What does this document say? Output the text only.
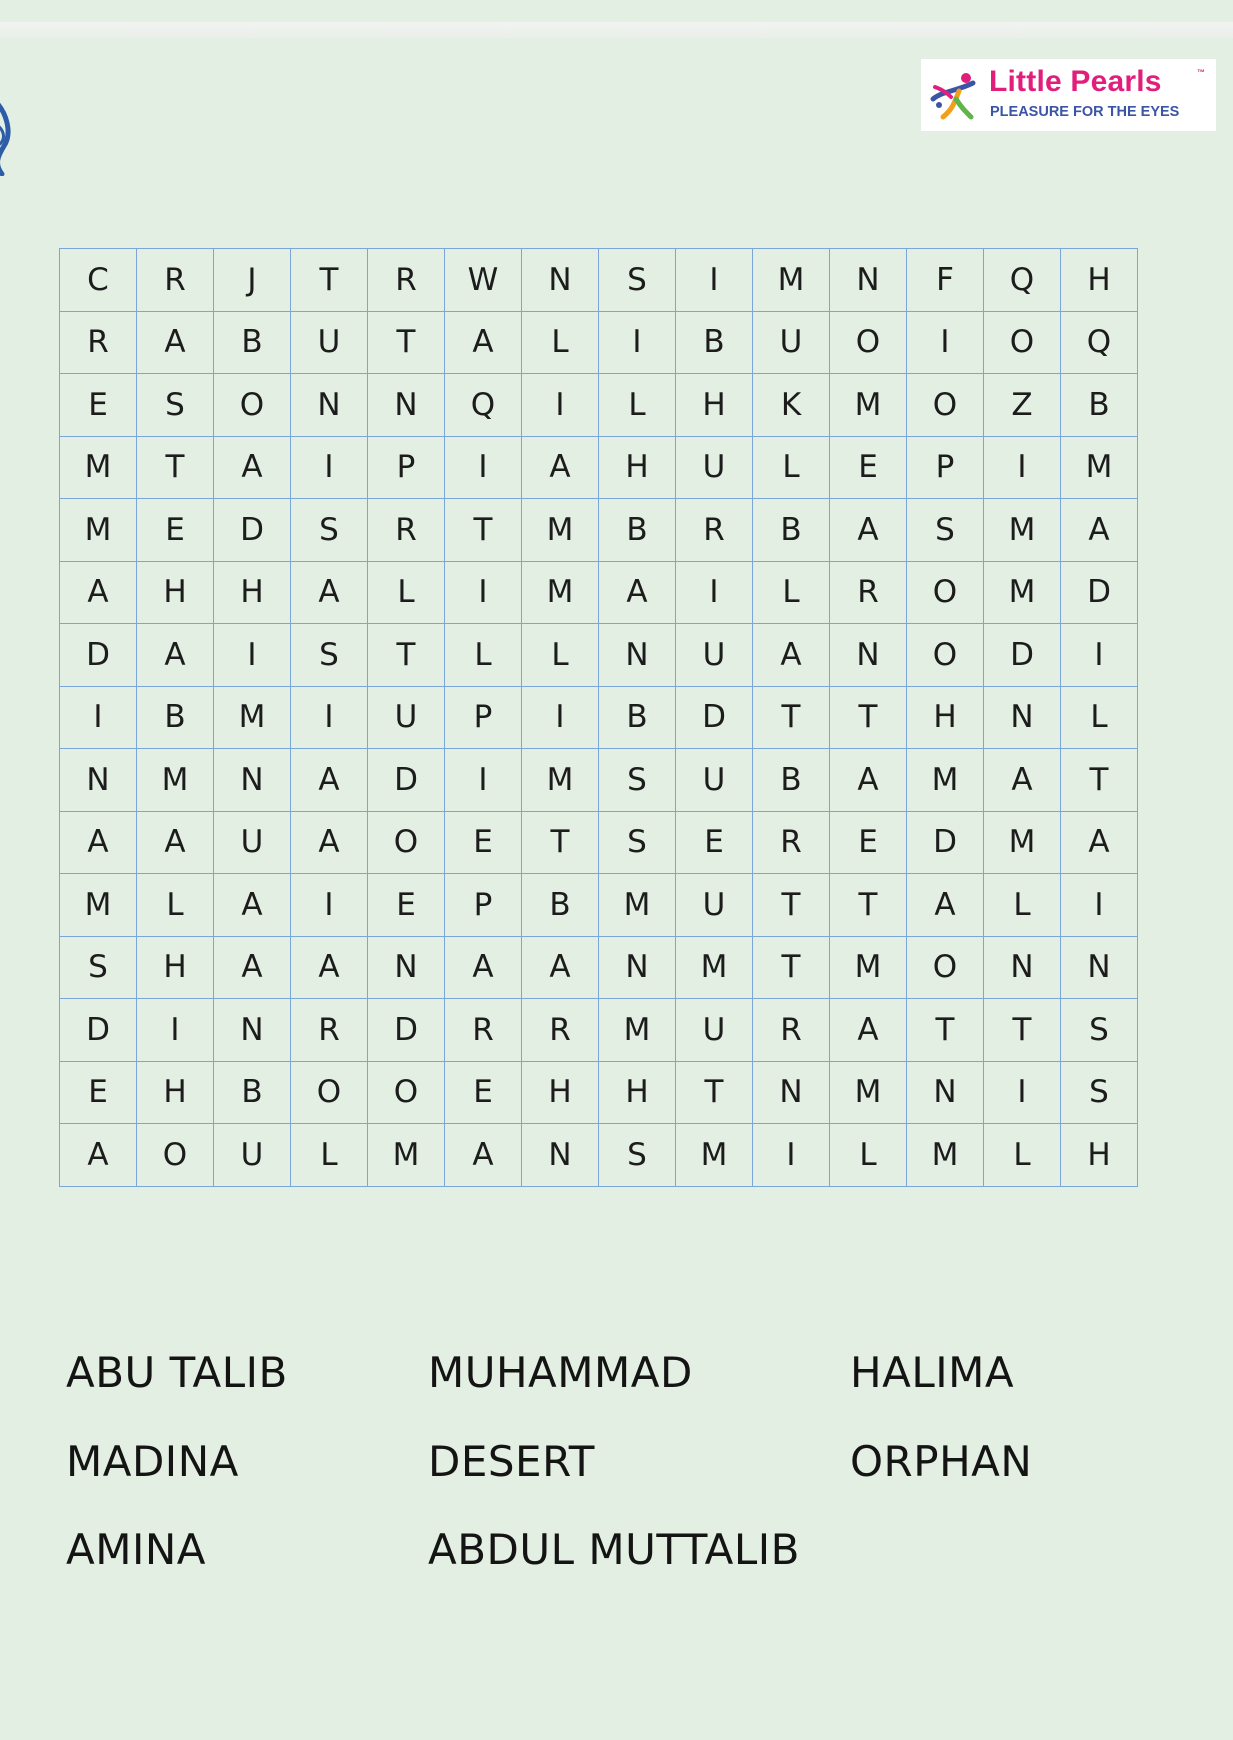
Little Pearls	™
PLEASURE FOR THE EYES
C	R	J	T	R	W	N	S	I	M	N	F	Q	H
R	A	B	U	T	A	L	I	B	U	O	I	O	Q
E	S	O	N	N	Q	I	L	H	K	M	O	Z	B
M	T	A	I	P	I	A	H	U	L	E	P	I	M
M	E	D	S	R	T	M	B	R	B	A	S	M	A
A	H	H	A	L	I	M	A	I	L	R	O	M	D
D	A	I	S	T	L	L	N	U	A	N	O	D	I
I	B	M	I	U	P	I	B	D	T	T	H	N	L
N	M	N	A	D	I	M	S	U	B	A	M	A	T
A	A	U	A	O	E	T	S	E	R	E	D	M	A
M	L	A	I	E	P	B	M	U	T	T	A	L	I
S	H	A	A	N	A	A	N	M	T	M	O	N	N
D	I	N	R	D	R	R	M	U	R	A	T	T	S
E	H	B	O	O	E	H	H	T	N	M	N	I	S
A	O	U	L	M	A	N	S	M	I	L	M	L	H
ABU TALIB	MUHAMMAD	HALIMA
MADINA	DESERT	ORPHAN
AMINA	ABDUL MUTTALIB
